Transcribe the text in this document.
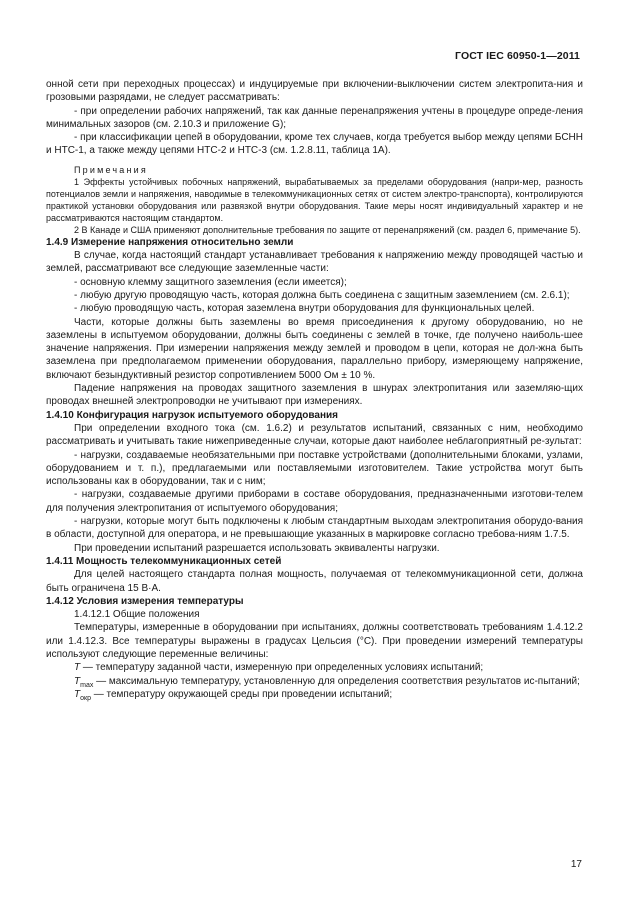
ГОСТ IEC 60950-1—2011

онной сети при переходных процессах) и индуцируемые при включении-выключении систем электропита-ния и грозовыми разрядами, не следует рассматривать:

- при определении рабочих напряжений, так как данные перенапряжения учтены в процедуре опреде-ления минимальных зазоров (см. 2.10.3 и приложение G);

- при классификации цепей в оборудовании, кроме тех случаев, когда требуется выбор между цепями БСНН и НТС-1, а также между цепями НТС-2 и НТС-3 (см. 1.2.8.11, таблица 1А).

Примечания

1 Эффекты устойчивых побочных напряжений, вырабатываемых за пределами оборудования (напри-мер, разность потенциалов земли и напряжения, наводимые в телекоммуникационных сетях от систем электро-транспорта), контролируются практикой установки оборудования или развязкой внутри оборудования. Такие меры носят индивидуальный характер и не рассматриваются настоящим стандартом.

2 В Канаде и США применяют дополнительные требования по защите от перенапряжений (см. раздел 6, примечание 5).

1.4.9 Измерение напряжения относительно земли

В случае, когда настоящий стандарт устанавливает требования к напряжению между проводящей частью и землей, рассматривают все следующие заземленные части:

- основную клемму защитного заземления (если имеется);

- любую другую проводящую часть, которая должна быть соединена с защитным заземлением (см. 2.6.1);

- любую проводящую часть, которая заземлена внутри оборудования для функциональных целей.

Части, которые должны быть заземлены во время присоединения к другому оборудованию, но не заземлены в испытуемом оборудовании, должны быть соединены с землей в точке, где получено наиболь-шее значение напряжения. При измерении напряжения между землей и проводом в цепи, которая не дол-жна быть заземлена при предполагаемом применении оборудования, параллельно прибору, измеряющему напряжение, включают безындуктивный резистор сопротивлением 5000 Ом ± 10 %.

Падение напряжения на проводах защитного заземления в шнурах электропитания или заземляю-щих проводах внешней электропроводки не учитывают при измерениях.

1.4.10 Конфигурация нагрузок испытуемого оборудования

При определении входного тока (см. 1.6.2) и результатов испытаний, связанных с ним, необходимо рассматривать и учитывать такие нижеприведенные случаи, которые дают наиболее неблагоприятный ре-зультат:

- нагрузки, создаваемые необязательными при поставке устройствами (дополнительными блоками, узлами, оборудованием и т. п.), предлагаемыми или поставляемыми изготовителем. Такие устройства могут быть использованы как в оборудовании, так и с ним;

- нагрузки, создаваемые другими приборами в составе оборудования, предназначенными изготови-телем для получения электропитания от испытуемого оборудования;

- нагрузки, которые могут быть подключены к любым стандартным выходам электропитания оборудо-вания в области, доступной для оператора, и не превышающие указанных в маркировке согласно требова-ниям 1.7.5.

При проведении испытаний разрешается использовать эквиваленты нагрузки.

1.4.11 Мощность телекоммуникационных сетей

Для целей настоящего стандарта полная мощность, получаемая от телекоммуникационной сети, должна быть ограничена 15 В·А.

1.4.12 Условия измерения температуры

1.4.12.1 Общие положения

Температуры, измеренные в оборудовании при испытаниях, должны соответствовать требованиям 1.4.12.2 или 1.4.12.3. Все температуры выражены в градусах Цельсия (°C). При проведении измерений температуры используют следующие переменные величины:

T — температуру заданной части, измеренную при определенных условиях испытаний;

$T_{max}$ — максимальную температуру, установленную для определения соответствия результатов ис-пытаний;

$T_{окр}$ — температуру окружающей среды при проведении испытаний;

17
